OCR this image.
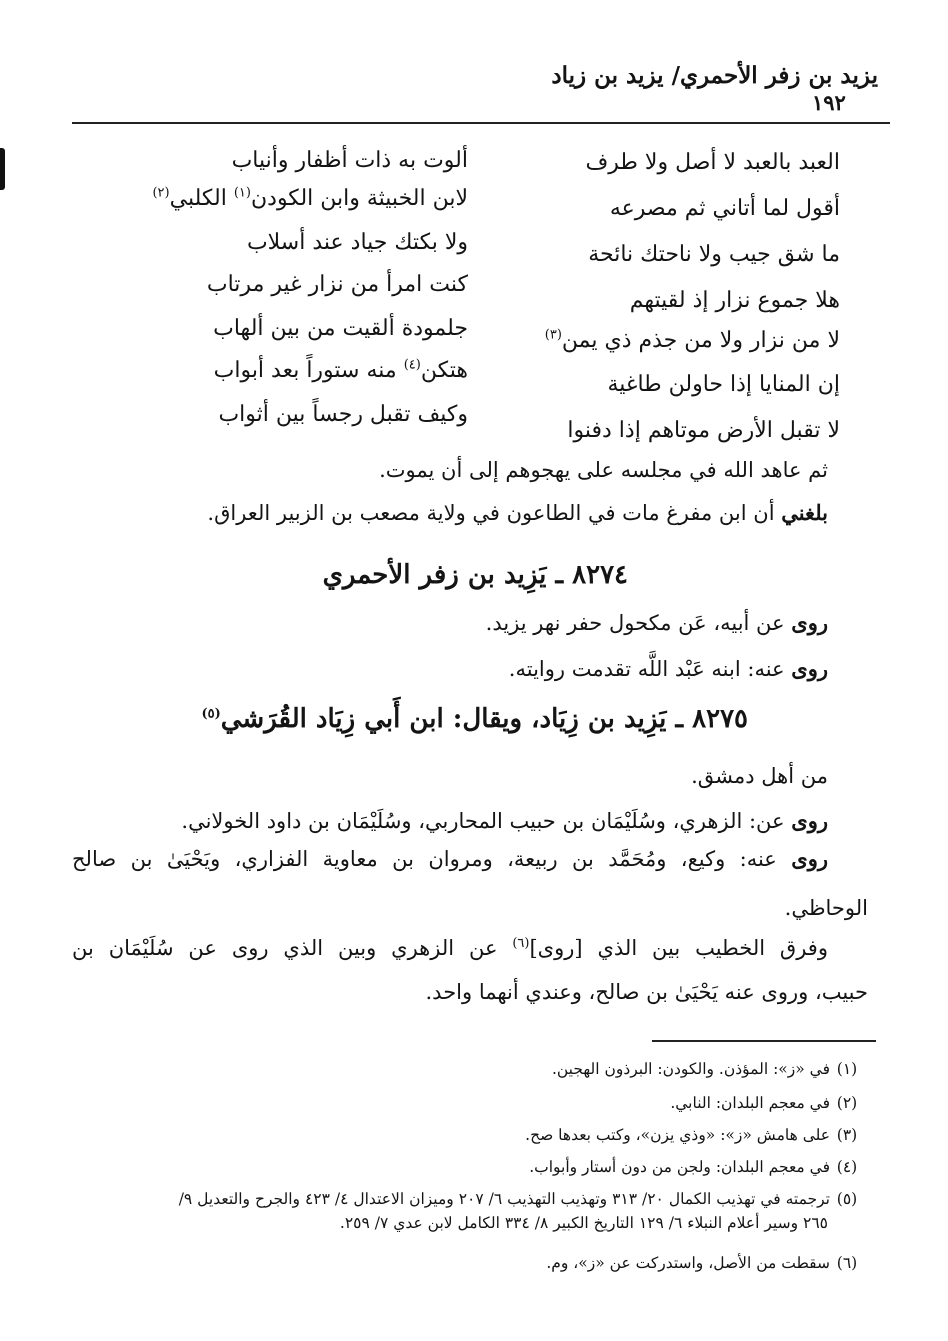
يزيد بن زفر الأحمري/ يزيد بن زياد
١٩٢
العبد بالعبد لا أصل ولا طرف
أقول لما أتاني ثم مصرعه
ما شق جيب ولا ناحتك نائحة
هلا جموع نزار إذ لقيتهم
لا من نزار ولا من جذم ذي يمن$^{(٣)}$
إن المنايا إذا حاولن طاغية
لا تقبل الأرض موتاهم إذا دفنوا
ألوت به ذات أظفار وأنياب
لابن الخبيثة وابن الكودن$^{(١)}$ الكلبي$^{(٢)}$
ولا بكتك جياد عند أسلاب
كنت امرأ من نزار غير مرتاب
جلمودة ألقيت من بين ألهاب
هتكن$^{(٤)}$ منه ستوراً بعد أبواب
وكيف تقبل رجساً بين أثواب
ثم عاهد الله في مجلسه على يهجوهم إلى أن يموت.
بلغني أن ابن مفرغ مات في الطاعون في ولاية مصعب بن الزبير العراق.
٨٢٧٤ ـ يَزِيد بن زفر الأحمري
روى عن أبيه، عَن مكحول حفر نهر يزيد.
روى عنه: ابنه عَبْد اللَّه تقدمت روايته.
٨٢٧٥ ـ يَزِيد بن زِيَاد، ويقال: ابن أَبي زِيَاد القُرَشي$^{(٥)}$
من أهل دمشق.
روى عن: الزهري، وسُلَيْمَان بن حبيب المحاربي، وسُلَيْمَان بن داود الخولاني.
روى عنه: وكيع، ومُحَمَّد بن ربيعة، ومروان بن معاوية الفزاري، ويَحْيَىٰ بن صالح
الوحاظي.
وفرق الخطيب بين الذي [روى]$^{(٦)}$ عن الزهري وبين الذي روى عن سُلَيْمَان بن
حبيب، وروى عنه يَحْيَىٰ بن صالح، وعندي أنهما واحد.
(١)في «ز»: المؤذن. والكودن: البرذون الهجين.
(٢)في معجم البلدان: النابي.
(٣)على هامش «ز»: «وذي يزن»، وكتب بعدها صح.
(٤)في معجم البلدان: ولجن من دون أستار وأبواب.
(٥)ترجمته في تهذيب الكمال ٢٠/ ٣١٣ وتهذيب التهذيب ٦/ ٢٠٧ وميزان الاعتدال ٤/ ٤٢٣ والجرح والتعديل ٩/
٢٦٥ وسير أعلام النبلاء ٦/ ١٢٩ التاريخ الكبير ٨/ ٣٣٤ الكامل لابن عدي ٧/ ٢٥٩.
(٦)سقطت من الأصل، واستدركت عن «ز»، وم.
